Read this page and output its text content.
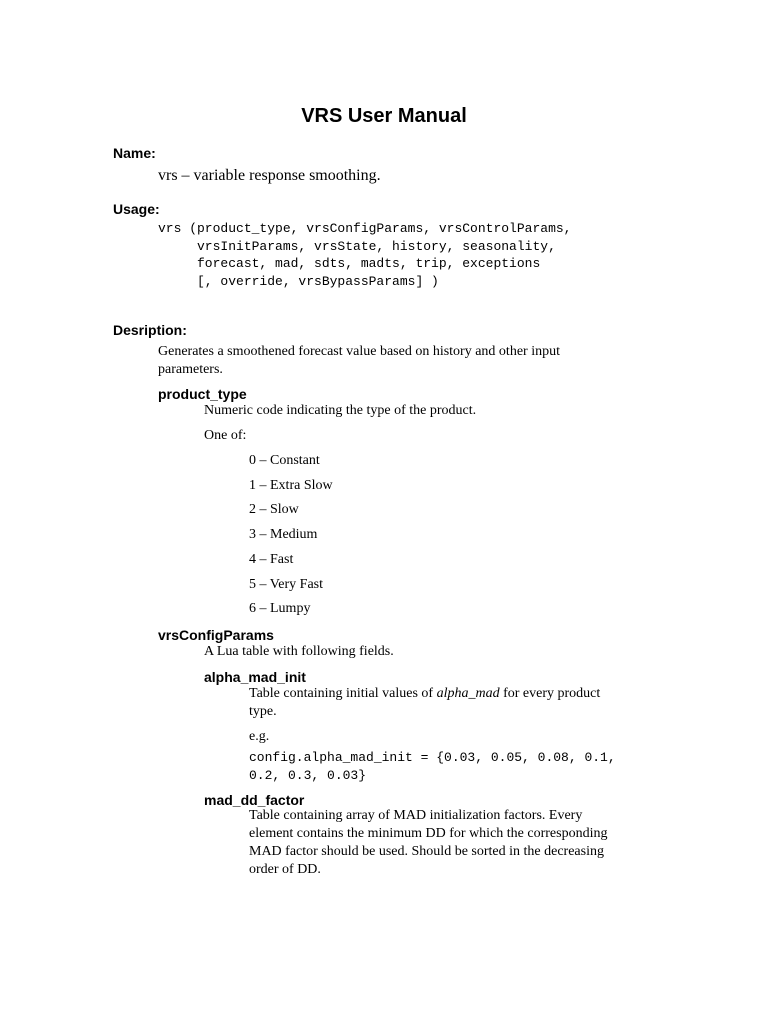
VRS User Manual
Name:
vrs – variable response smoothing.
Usage:
vrs (product_type, vrsConfigParams, vrsControlParams,
vrsInitParams, vrsState, history, seasonality,
forecast, mad, sdts, madts, trip, exceptions
[, override, vrsBypassParams] )
Desription:
Generates a smoothened forecast value based on history and other input
parameters.
product_type
Numeric code indicating the type of the product.
One of:
0 – Constant
1 – Extra Slow
2 – Slow
3 – Medium
4 – Fast
5 – Very Fast
6 – Lumpy
vrsConfigParams
A Lua table with following fields.
alpha_mad_init
Table containing initial values of alpha_mad for every product
type.
e.g.
config.alpha_mad_init = {0.03, 0.05, 0.08, 0.1,
0.2, 0.3, 0.03}
mad_dd_factor
Table containing array of MAD initialization factors. Every
element contains the minimum DD for which the corresponding
MAD factor should be used. Should be sorted in the decreasing
order of DD.
